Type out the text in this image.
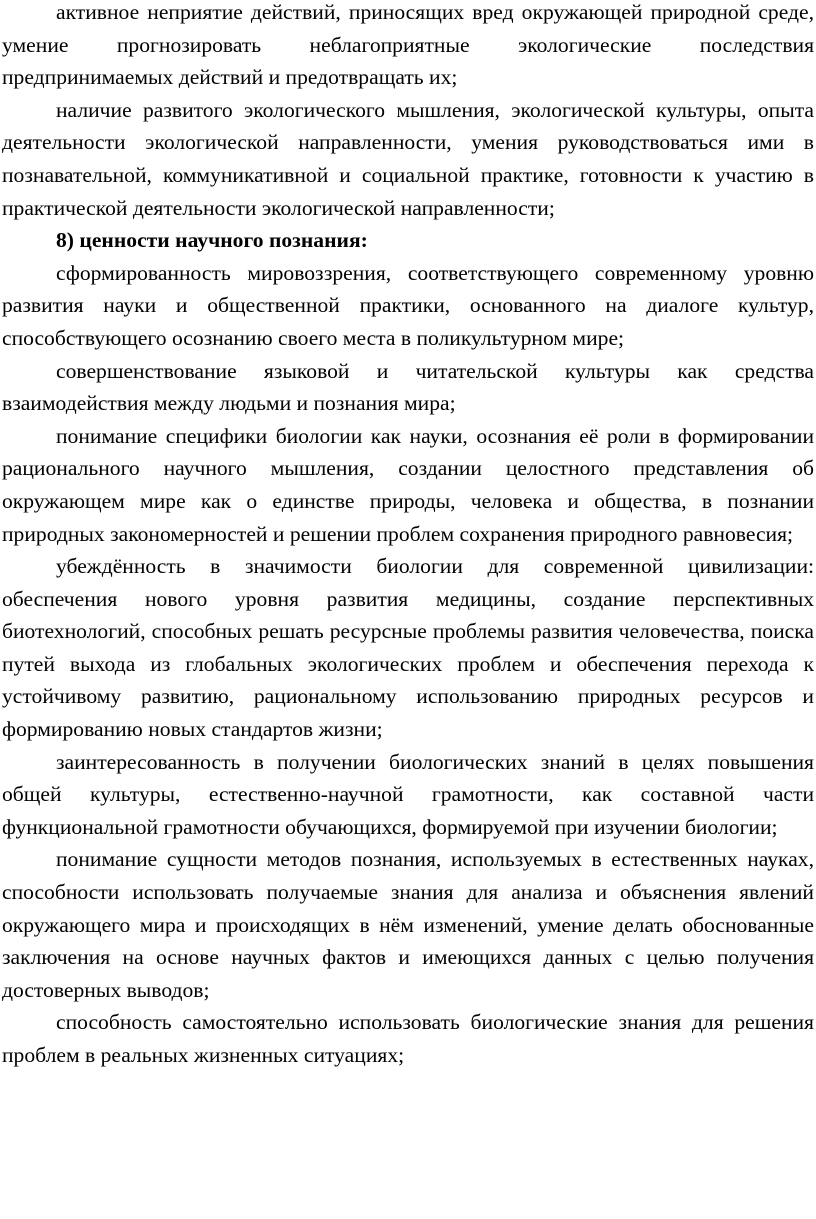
активное неприятие действий, приносящих вред окружающей природной среде, умение прогнозировать неблагоприятные экологические последствия предпринимаемых действий и предотвращать их;

наличие развитого экологического мышления, экологической культуры, опыта деятельности экологической направленности, умения руководствоваться ими в познавательной, коммуникативной и социальной практике, готовности к участию в практической деятельности экологической направленности;

8) ценности научного познания:

сформированность мировоззрения, соответствующего современному уровню развития науки и общественной практики, основанного на диалоге культур, способствующего осознанию своего места в поликультурном мире;

совершенствование языковой и читательской культуры как средства взаимодействия между людьми и познания мира;

понимание специфики биологии как науки, осознания её роли в формировании рационального научного мышления, создании целостного представления об окружающем мире как о единстве природы, человека и общества, в познании природных закономерностей и решении проблем сохранения природного равновесия;

убеждённость в значимости биологии для современной цивилизации: обеспечения нового уровня развития медицины, создание перспективных биотехнологий, способных решать ресурсные проблемы развития человечества, поиска путей выхода из глобальных экологических проблем и обеспечения перехода к устойчивому развитию, рациональному использованию природных ресурсов и формированию новых стандартов жизни;

заинтересованность в получении биологических знаний в целях повышения общей культуры, естественно-научной грамотности, как составной части функциональной грамотности обучающихся, формируемой при изучении биологии;

понимание сущности методов познания, используемых в естественных науках, способности использовать получаемые знания для анализа и объяснения явлений окружающего мира и происходящих в нём изменений, умение делать обоснованные заключения на основе научных фактов и имеющихся данных с целью получения достоверных выводов;

способность самостоятельно использовать биологические знания для решения проблем в реальных жизненных ситуациях;
